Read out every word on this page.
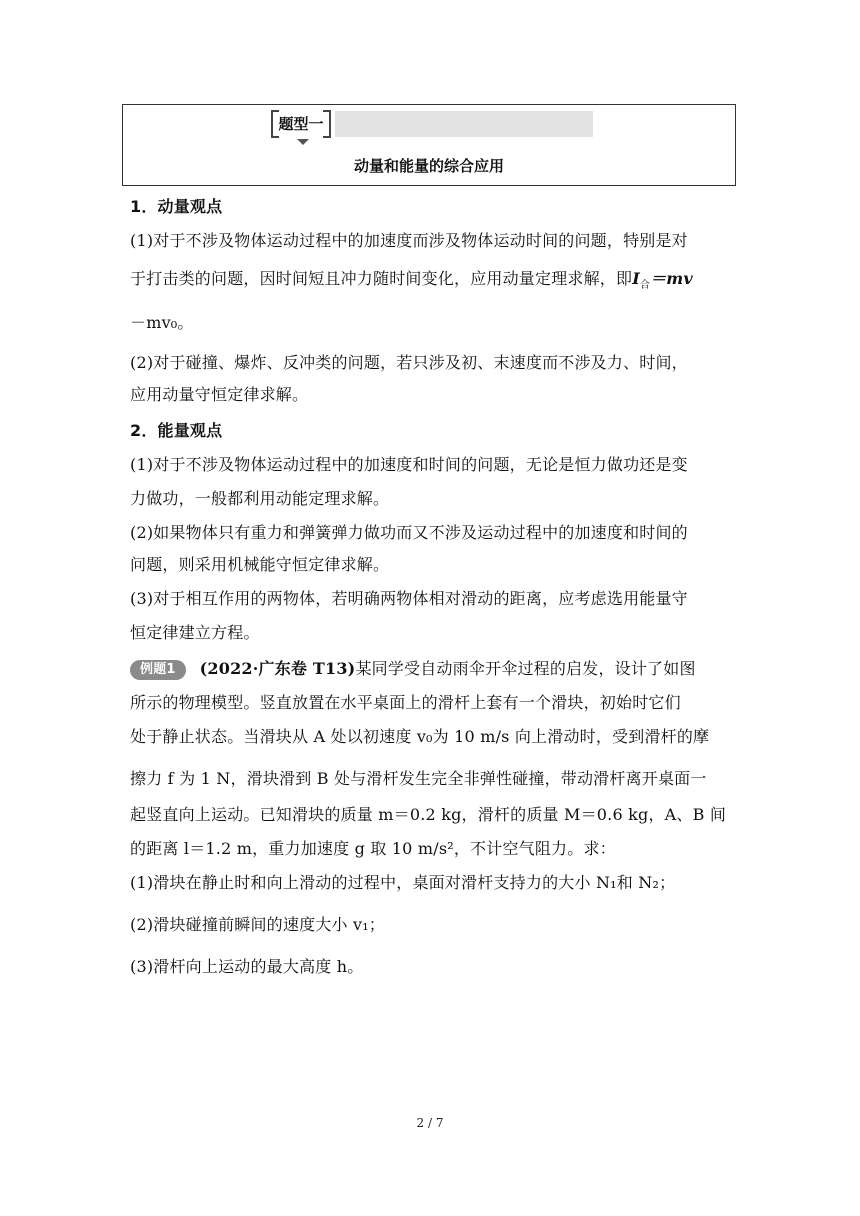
题型一
动量和能量的综合应用
1．动量观点
(1)对于不涉及物体运动过程中的加速度而涉及物体运动时间的问题，特别是对
于打击类的问题，因时间短且冲力随时间变化，应用动量定理求解，即$I_合=mv$
－mv₀。
(2)对于碰撞、爆炸、反冲类的问题，若只涉及初、末速度而不涉及力、时间，
应用动量守恒定律求解。
2．能量观点
(1)对于不涉及物体运动过程中的加速度和时间的问题，无论是恒力做功还是变
力做功，一般都利用动能定理求解。
(2)如果物体只有重力和弹簧弹力做功而又不涉及运动过程中的加速度和时间的
问题，则采用机械能守恒定律求解。
(3)对于相互作用的两物体，若明确两物体相对滑动的距离，应考虑选用能量守
恒定律建立方程。
例题1 (2022·广东卷 T13)某同学受自动雨伞开伞过程的启发，设计了如图
所示的物理模型。竖直放置在水平桌面上的滑杆上套有一个滑块，初始时它们
处于静止状态。当滑块从 A 处以初速度 v₀为 10 m/s 向上滑动时，受到滑杆的摩
擦力 f 为 1 N，滑块滑到 B 处与滑杆发生完全非弹性碰撞，带动滑杆离开桌面一
起竖直向上运动。已知滑块的质量 m＝0.2 kg，滑杆的质量 M＝0.6 kg，A、B 间
的距离 l＝1.2 m，重力加速度 g 取 10 m/s²，不计空气阻力。求：
(1)滑块在静止时和向上滑动的过程中，桌面对滑杆支持力的大小 N₁和 N₂；
(2)滑块碰撞前瞬间的速度大小 v₁；
(3)滑杆向上运动的最大高度 h。
2 / 7
